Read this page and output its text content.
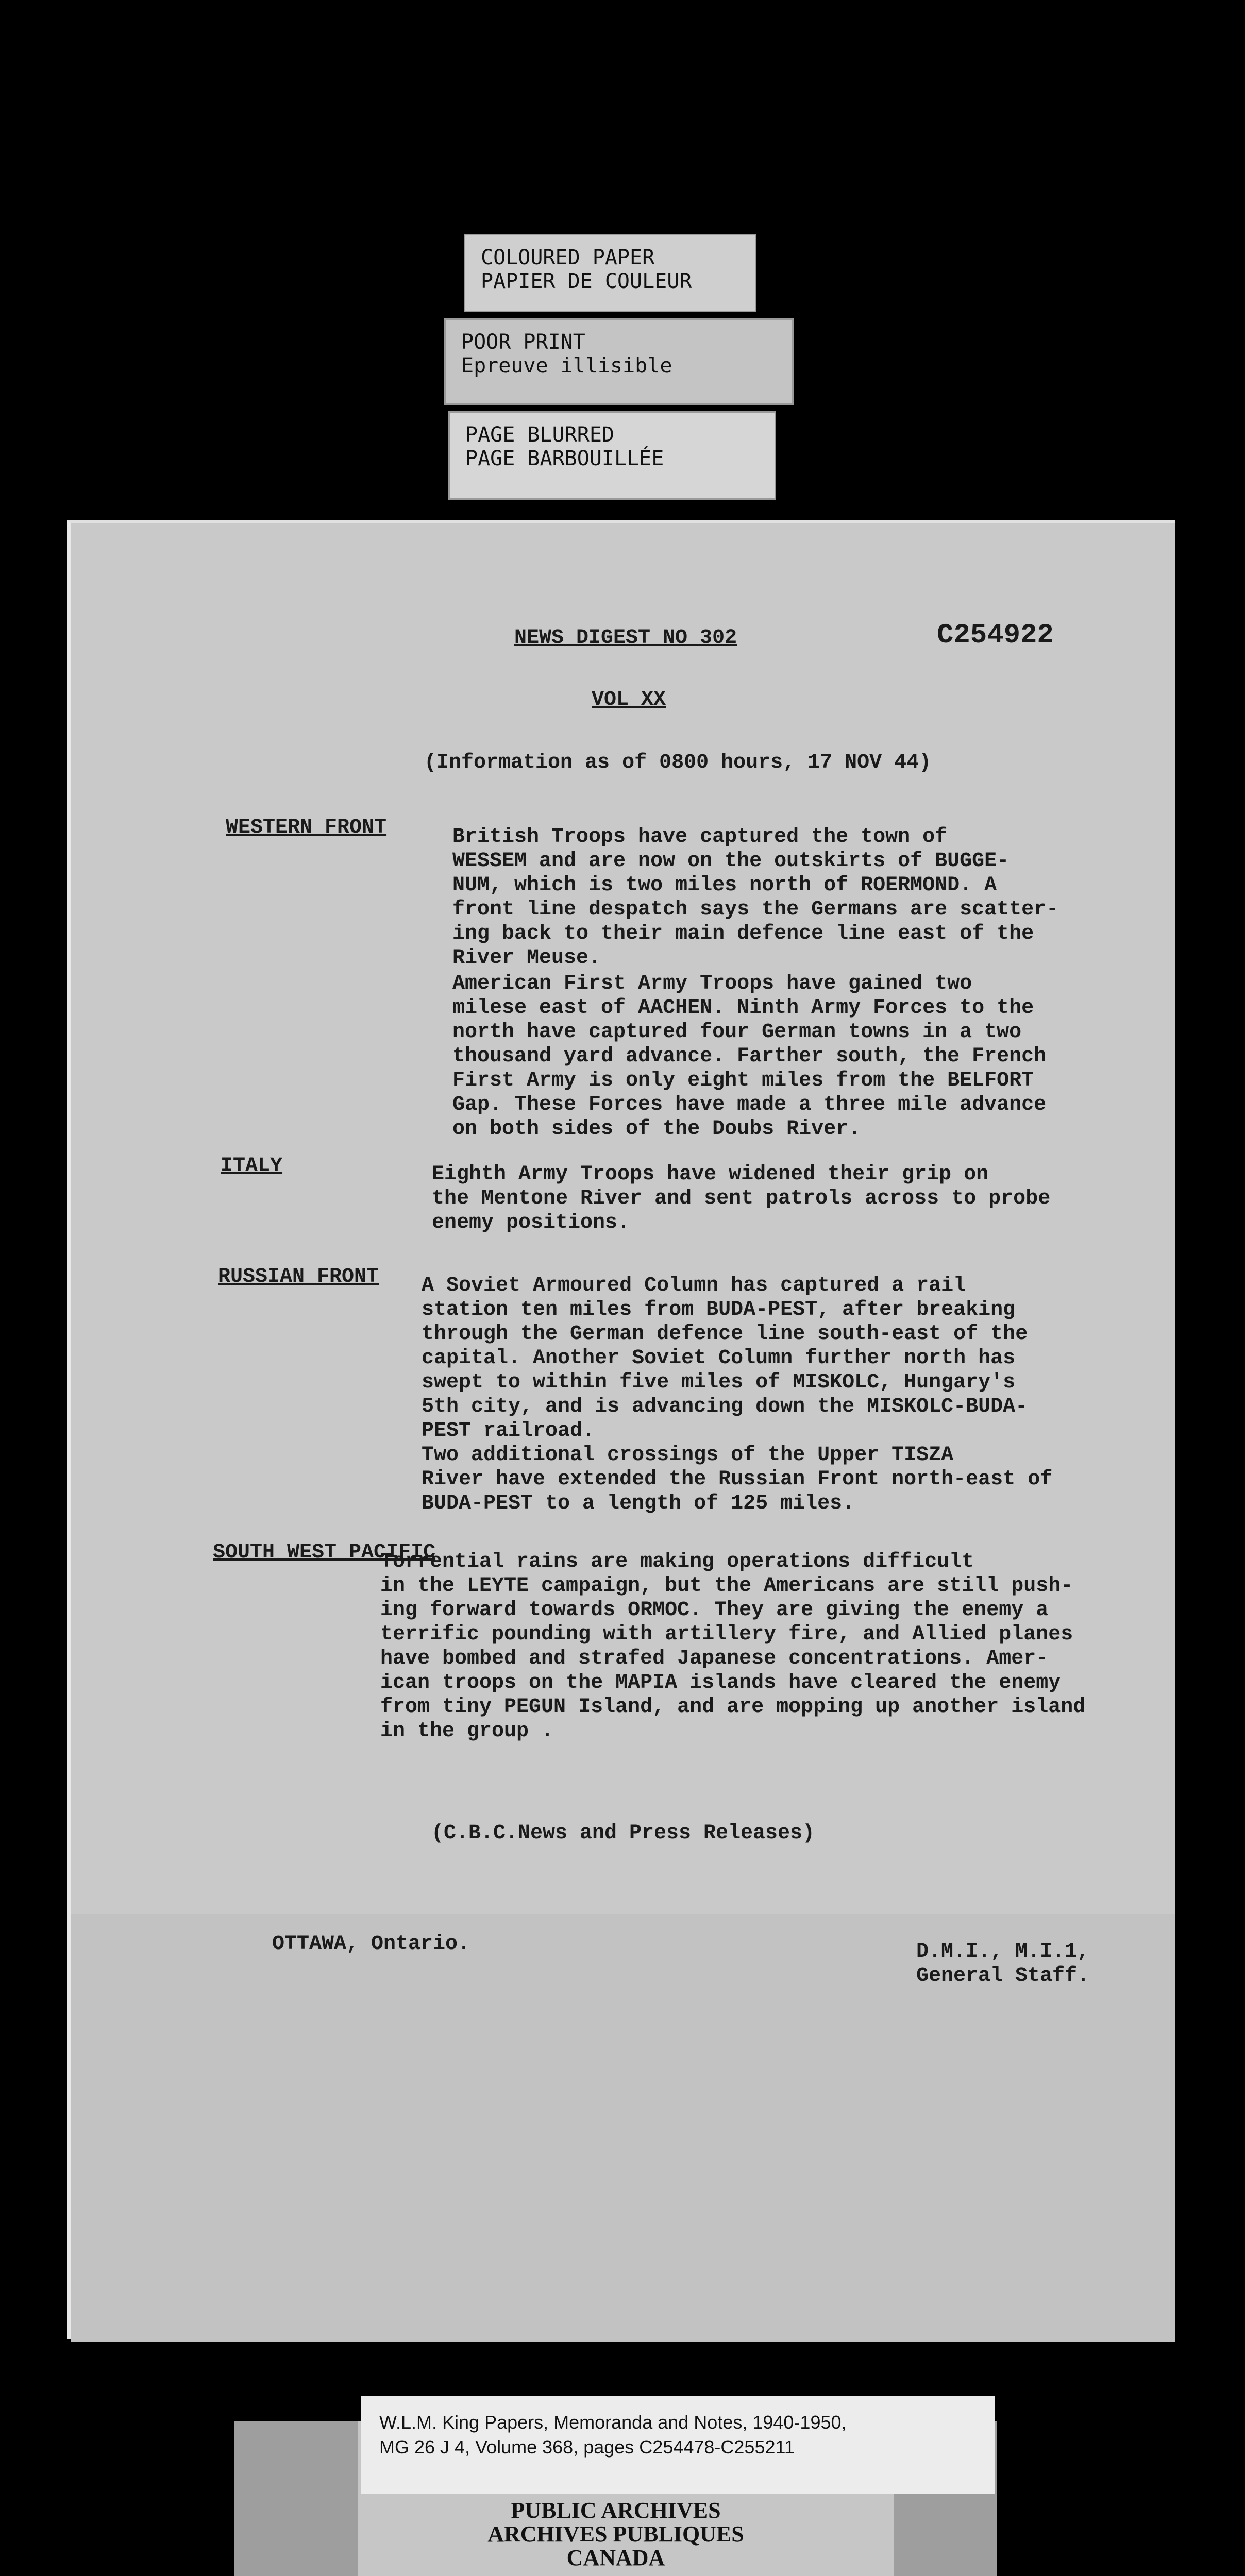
COLOURED PAPER
PAPIER DE COULEUR
POOR PRINT
Epreuve illisible
PAGE BLURRED
PAGE BARBOUILLÉE
NEWS DIGEST NO 302	C254922
VOL XX
(Information as of 0800 hours, 17 NOV 44)
WESTERN FRONT	British Troops have captured the town of
WESSEM and are now on the outskirts of BUGGE-
NUM, which is two miles north of ROERMOND. A
front line despatch says the Germans are scatter-
ing back to their main defence line east of the
River Meuse.
American First Army Troops have gained two
milese east of AACHEN. Ninth Army Forces to the
north have captured four German towns in a two
thousand yard advance. Farther south, the French
First Army is only eight miles from the BELFORT
Gap. These Forces have made a three mile advance
on both sides of the Doubs River.
ITALY	Eighth Army Troops have widened their grip on
the Mentone River and sent patrols across to probe
enemy positions.
RUSSIAN FRONT A Soviet Armoured Column has captured a rail
station ten miles from BUDA-PEST, after breaking
through the German defence line south-east of the
capital. Another Soviet Column further north has
swept to within five miles of MISKOLC, Hungary's
5th city, and is advancing down the MISKOLC-BUDA-
PEST railroad.
Two additional crossings of the Upper TISZA
River have extended the Russian Front north-east of
BUDA-PEST to a length of 125 miles.
SOUTH WEST PACIFIC
Torrential rains are making operations difficult
in the LEYTE campaign, but the Americans are still push-
ing forward towards ORMOC. They are giving the enemy a
terrific pounding with artillery fire, and Allied planes
have bombed and strafed Japanese concentrations. Amer-
ican troops on the MAPIA islands have cleared the enemy
from tiny PEGUN Island, and are mopping up another island
in the group .
(C.B.C.News and Press Releases)
OTTAWA, Ontario.	D.M.I., M.I.1,
General Staff.
W.L.M. King Papers, Memoranda and Notes, 1940-1950,
MG 26 J 4, Volume 368, pages C254478-C255211
PUBLIC ARCHIVES
ARCHIVES PUBLIQUES
CANADA
